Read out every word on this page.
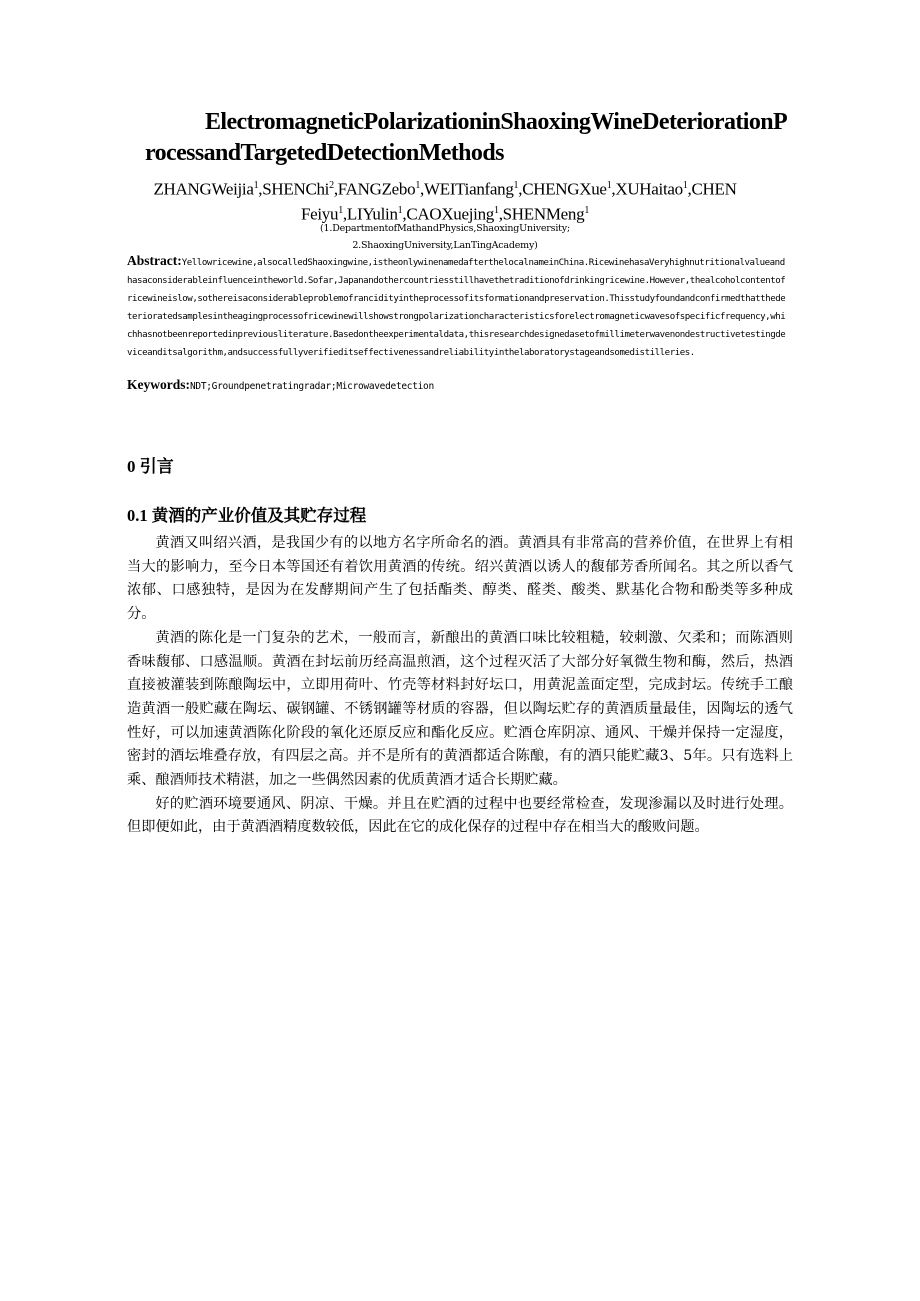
ElectromagneticPolarizationinShaoxingWineDeteriorationProcessandTargetedDetectionMethods

ZHANGWeijia$^1$,SHENChi$^2$,FANGZebo$^1$,WEITianfang$^1$,CHENGXue$^1$,XUHaitao$^1$,CHENFeiyu$^1$,LIYulin$^1$,CAOXuejing$^1$,SHENMeng$^1$

(1.DepartmentofMathandPhysics,ShaoxingUniversity;
2.ShaoxingUniversity,LanTingAcademy)

Abstract:Yellowricewine,alsocalledShaoxingwine,istheonlywinenamedafterthelocalnameinChina.RicewinehasaVeryhighnutritionalvalueandhasaconsiderableinfluenceintheworld.Sofar,Japanandothercountriesstillhavethetraditionofdrinkingricewine.However,thealcoholcontentofricewineislow,sothereisaconsiderableproblemofrancidityintheprocessofitsformationandpreservation.Thisstudyfoundandconfirmedthatthedeterioratedsamplesintheagingprocessofricewinewillshowstrongpolarizationcharacteristicsforelectromagneticwavesofspecificfrequency,whichhasnotbeenreportedinpreviousliterature.Basedontheexperimentaldata,thisresearchdesignedasetofmillimeterwavenondestructivetestingdeviceanditsalgorithm,andsuccessfullyverifieditseffectivenessandreliabilityinthelaboratorystageandsomedistilleries.

Keywords:NDT;Groundpenetratingradar;Microwavedetection

0 引言
0.1 黄酒的产业价值及其贮存过程

黄酒又叫绍兴酒，是我国少有的以地方名字所命名的酒。黄酒具有非常高的营养价值，在世界上有相当大的影响力，至今日本等国还有着饮用黄酒的传统。绍兴黄酒以诱人的馥郁芳香所闻名。其之所以香气浓郁、口感独特，是因为在发酵期间产生了包括酯类、醇类、醛类、酸类、默基化合物和酚类等多种成分。

黄酒的陈化是一门复杂的艺术，一般而言，新酿出的黄酒口味比较粗糙，较刺激、欠柔和；而陈酒则香味馥郁、口感温顺。黄酒在封坛前历经高温煎酒，这个过程灭活了大部分好氧微生物和酶，然后，热酒直接被灌装到陈酿陶坛中，立即用荷叶、竹壳等材料封好坛口，用黄泥盖面定型，完成封坛。传统手工酿造黄酒一般贮藏在陶坛、碳钢罐、不锈钢罐等材质的容器，但以陶坛贮存的黄酒质量最佳，因陶坛的透气性好，可以加速黄酒陈化阶段的氧化还原反应和酯化反应。贮酒仓库阴凉、通风、干燥并保持一定湿度，密封的酒坛堆叠存放，有四层之高。并不是所有的黄酒都适合陈酿，有的酒只能贮藏3、5年。只有选料上乘、酿酒师技术精湛，加之一些偶然因素的优质黄酒才适合长期贮藏。

好的贮酒环境要通风、阴凉、干燥。并且在贮酒的过程中也要经常检查，发现渗漏以及时进行处理。但即便如此，由于黄酒酒精度数较低，因此在它的成化保存的过程中存在相当大的酸败问题。
